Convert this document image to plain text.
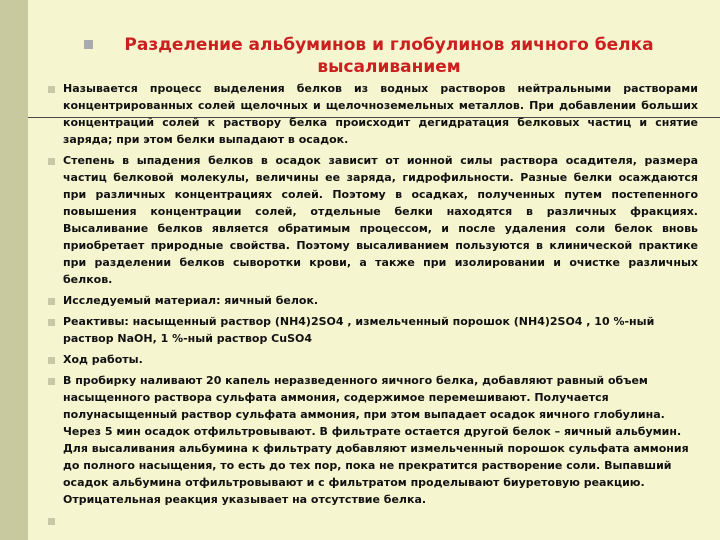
Разделение альбуминов и глобулинов яичного белка высаливанием

Называется процесс выделения белков из водных растворов нейтральными растворами концентрированных солей щелочных и щелочноземельных металлов. При добавлении больших концентраций солей к раствору белка происходит дегидратация белковых частиц и снятие заряда; при этом белки выпадают в осадок.

Степень в ыпадения белков в осадок зависит от ионной силы раствора осадителя, размера частиц белковой молекулы, величины ее заряда, гидрофильности. Разные белки осаждаются при различных концентрациях солей. Поэтому в осадках, полученных путем постепенного повышения концентрации солей, отдельные белки находятся в различных фракциях. Высаливание белков является обратимым процессом, и после удаления соли белок вновь приобретает природные свойства. Поэтому высаливанием пользуются в клинической практике при разделении белков сыворотки крови, а также при изолировании и очистке различных белков.

Исследуемый материал: яичный белок.

Реактивы: насыщенный раствор (NH4)2SO4 , измельченный порошок (NH4)2SO4 , 10 %-ный раствор NaOH, 1 %-ный раствор CuSO4

Ход работы.

В пробирку наливают 20 капель неразведенного яичного белка, добавляют равный объем насыщенного раствора сульфата аммония, содержимое перемешивают. Получается полунасыщенный раствор сульфата аммония, при этом выпадает осадок яичного глобулина. Через 5 мин осадок отфильтровывают. В фильтрате остается другой белок – яичный альбумин. Для высаливания альбумина к фильтрату добавляют измельченный порошок сульфата аммония до полного насыщения, то есть до тех пор, пока не прекратится растворение соли. Выпавший осадок альбумина отфильтровывают и с фильтратом проделывают биуретовую реакцию. Отрицательная реакция указывает на отсутствие белка.
